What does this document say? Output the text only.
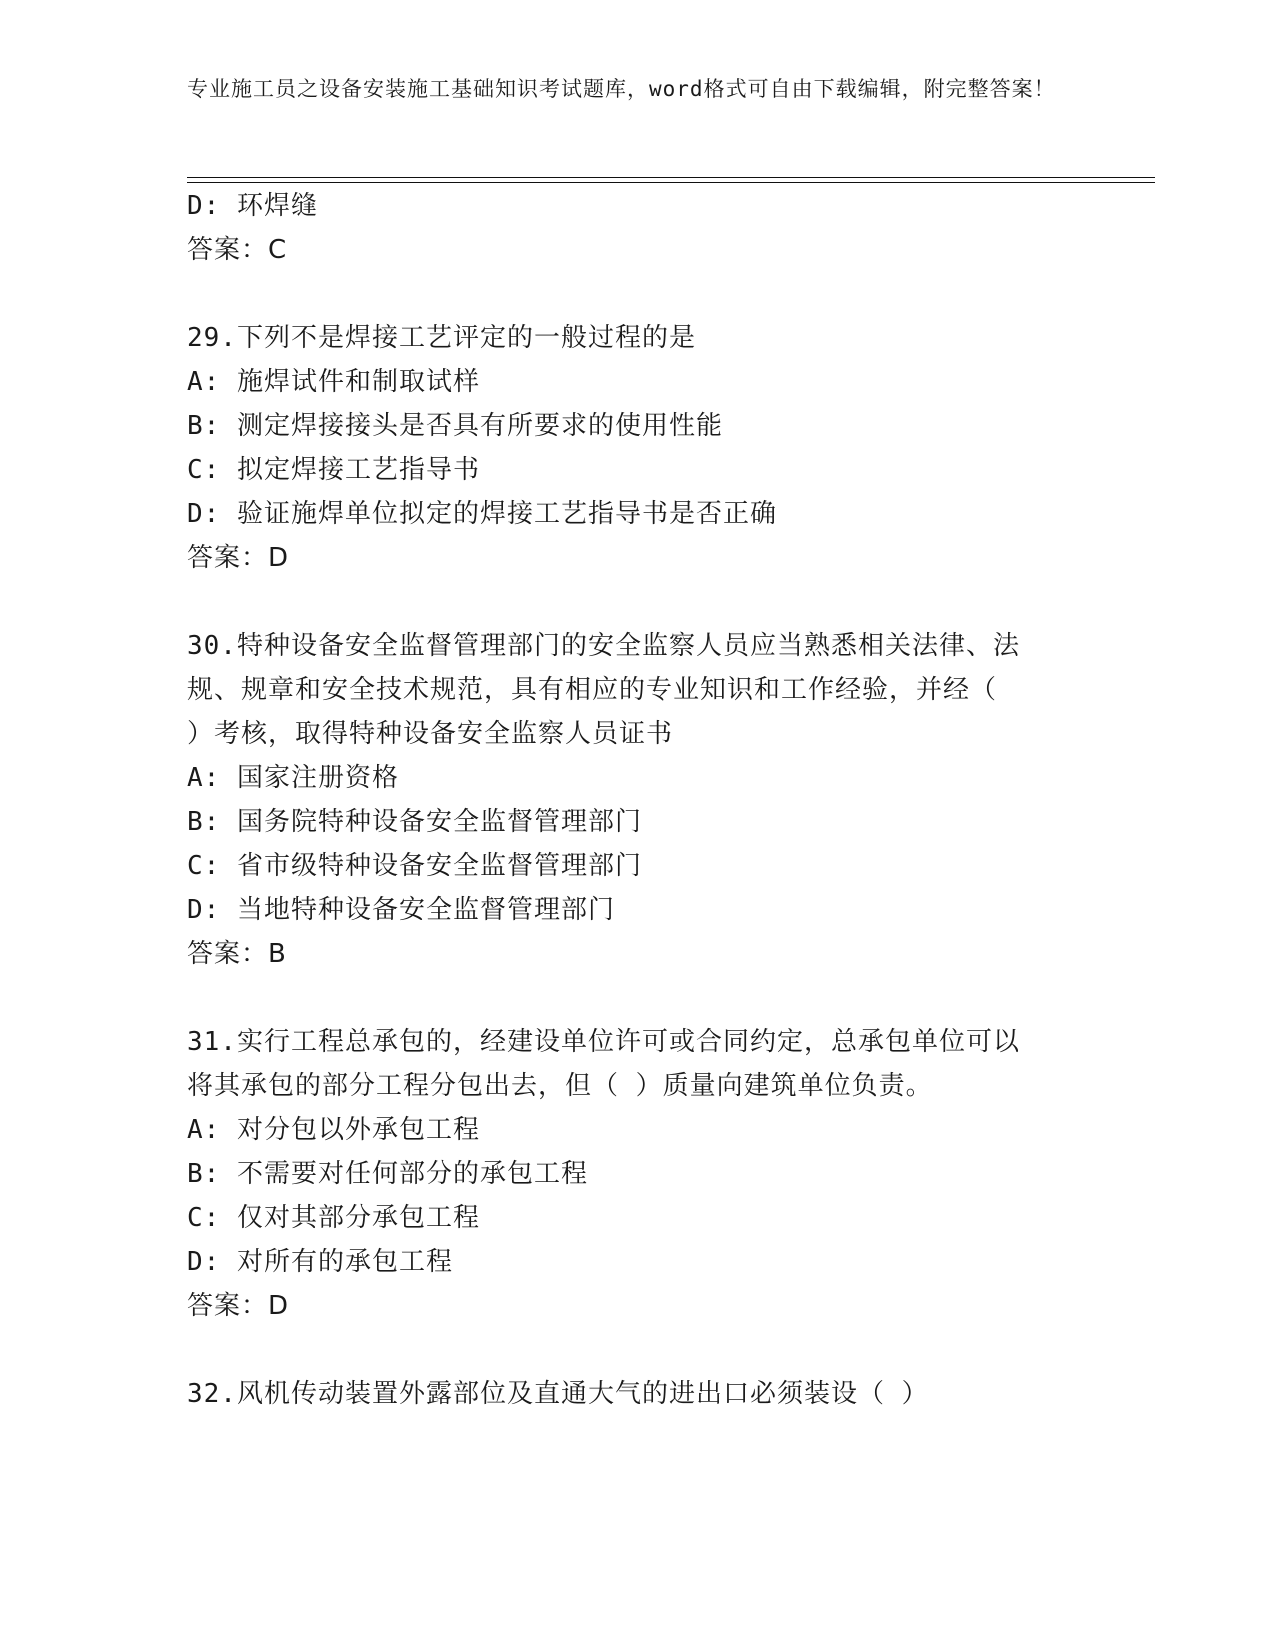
专业施工员之设备安装施工基础知识考试题库，word格式可自由下载编辑，附完整答案！
D: 环焊缝
答案：C
29.下列不是焊接工艺评定的一般过程的是
A: 施焊试件和制取试样
B: 测定焊接接头是否具有所要求的使用性能
C: 拟定焊接工艺指导书
D: 验证施焊单位拟定的焊接工艺指导书是否正确
答案：D
30.特种设备安全监督管理部门的安全监察人员应当熟悉相关法律、法
规、规章和安全技术规范，具有相应的专业知识和工作经验，并经（
）考核，取得特种设备安全监察人员证书
A: 国家注册资格
B: 国务院特种设备安全监督管理部门
C: 省市级特种设备安全监督管理部门
D: 当地特种设备安全监督管理部门
答案：B
31.实行工程总承包的，经建设单位许可或合同约定，总承包单位可以
将其承包的部分工程分包出去，但（ ）质量向建筑单位负责。
A: 对分包以外承包工程
B: 不需要对任何部分的承包工程
C: 仅对其部分承包工程
D: 对所有的承包工程
答案：D
32.风机传动装置外露部位及直通大气的进出口必须装设（ ）
